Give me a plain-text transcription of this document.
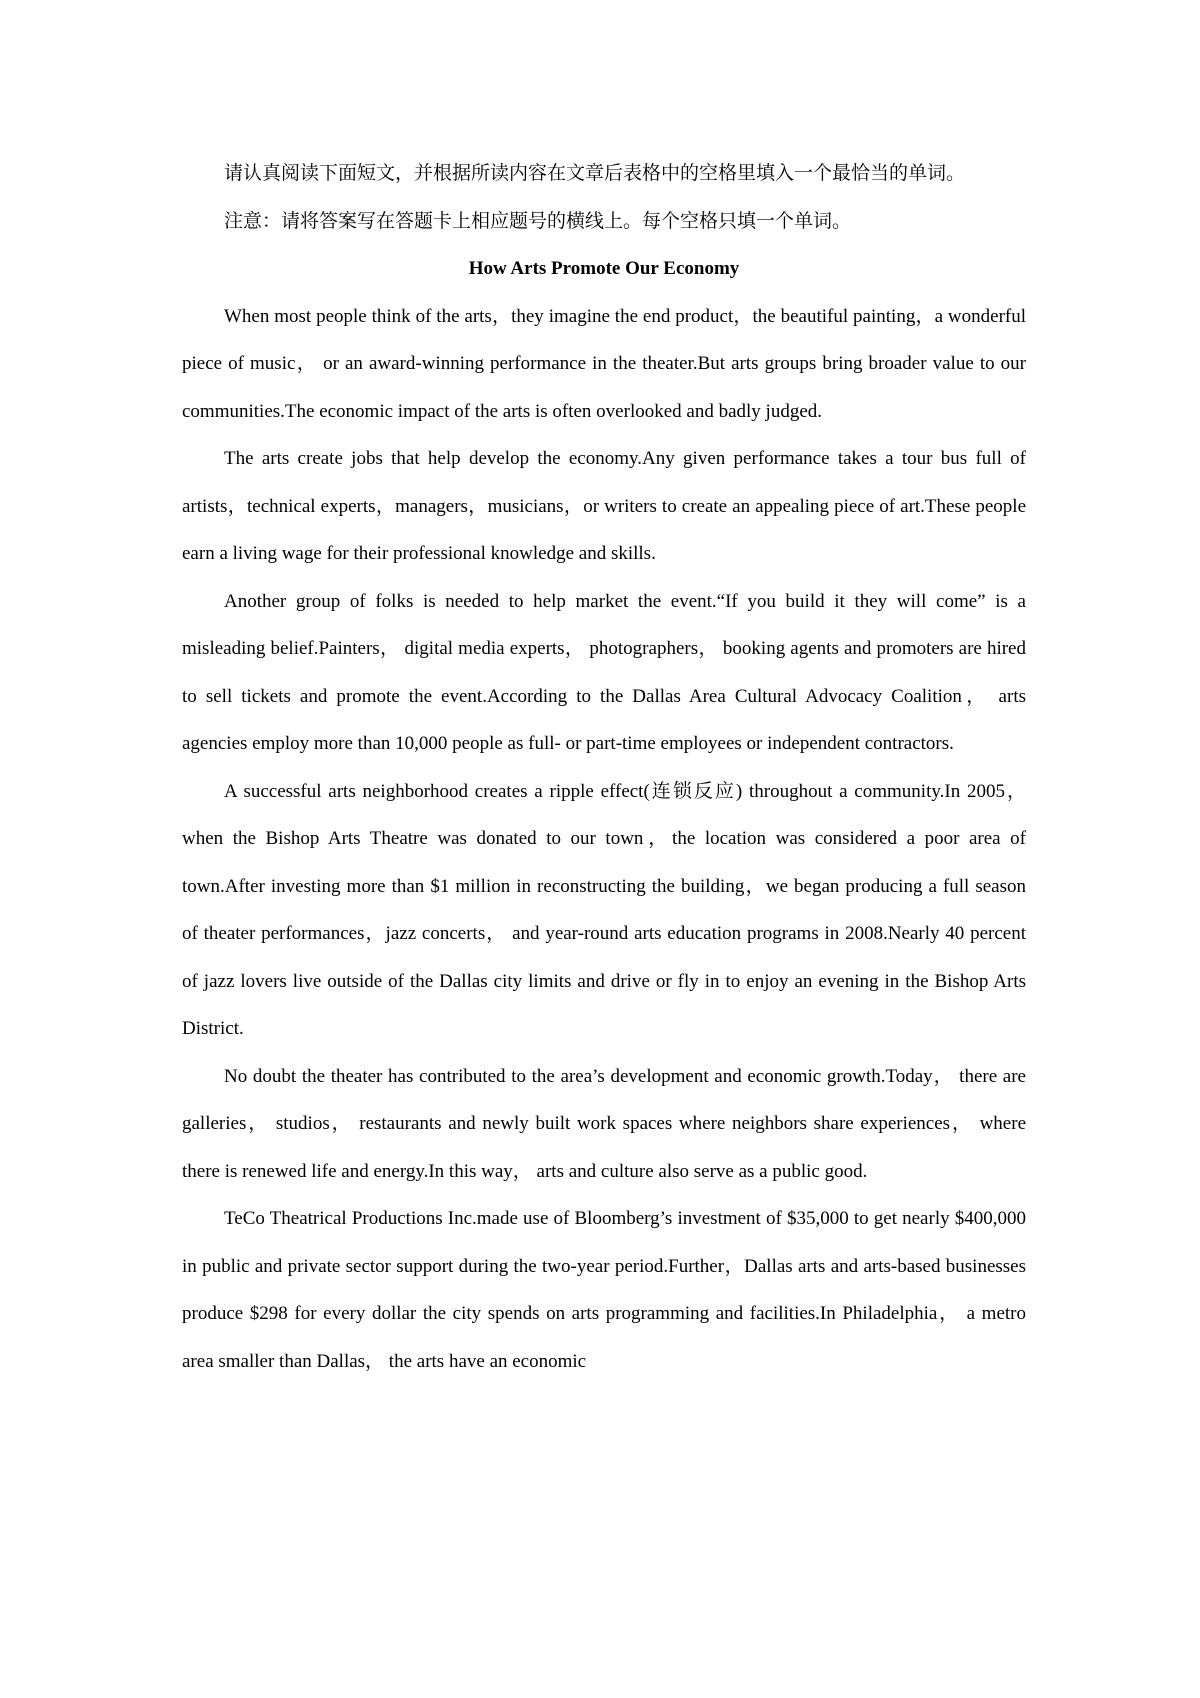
请认真阅读下面短文，并根据所读内容在文章后表格中的空格里填入一个最恰当的单词。

注意：请将答案写在答题卡上相应题号的横线上。每个空格只填一个单词。

How Arts Promote Our Economy

When most people think of the arts，they imagine the end product，the beautiful painting，a wonderful piece of music， or an award-winning performance in the theater.But arts groups bring broader value to our communities.The economic impact of the arts is often overlooked and badly judged.

The arts create jobs that help develop the economy.Any given performance takes a tour bus full of artists，technical experts，managers，musicians，or writers to create an appealing piece of art.These people earn a living wage for their professional knowledge and skills.

Another group of folks is needed to help market the event.“If you build it they will come” is a misleading belief.Painters， digital media experts， photographers， booking agents and promoters are hired to sell tickets and promote the event.According to the Dallas Area Cultural Advocacy Coalition， arts agencies employ more than 10,000 people as full- or part-time employees or independent contractors.

A successful arts neighborhood creates a ripple effect(连锁反应) throughout a community.In 2005，when the Bishop Arts Theatre was donated to our town，the location was considered a poor area of town.After investing more than $1 million in reconstructing the building，we began producing a full season of theater performances，jazz concerts， and year-round arts education programs in 2008.Nearly 40 percent of jazz lovers live outside of the Dallas city limits and drive or fly in to enjoy an evening in the Bishop Arts District.

No doubt the theater has contributed to the area’s development and economic growth.Today， there are galleries， studios， restaurants and newly built work spaces where neighbors share experiences， where there is renewed life and energy.In this way， arts and culture also serve as a public good.

TeCo Theatrical Productions Inc.made use of Bloomberg’s investment of $35,000 to get nearly $400,000 in public and private sector support during the two-year period.Further，Dallas arts and arts-based businesses produce $298 for every dollar the city spends on arts programming and facilities.In Philadelphia， a metro area smaller than Dallas， the arts have an economic
